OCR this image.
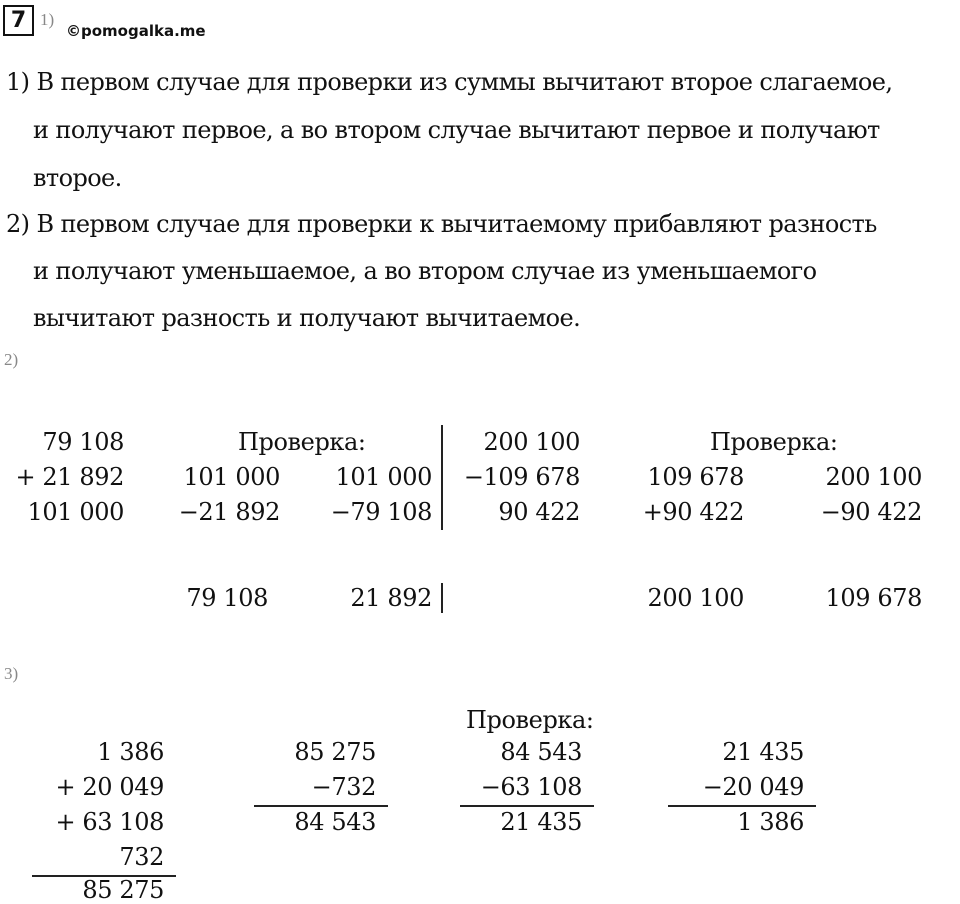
7 1)
©pomogalka.me
1) В первом случае для проверки из суммы вычитают второе слагаемое,
и получают первое, а во втором случае вычитают первое и получают
второе.
2) В первом случае для проверки к вычитаемому прибавляют разность
и получают уменьшаемое, а во втором случае из уменьшаемого
вычитают разность и получают вычитаемое.
2)
Проверка:	Проверка:
79 108
+ 21 892
101 000
101 000
−21 892
79 108
101 000
−79 108
21 892
200 100
−109 678
90 422
109 678
+90 422
200 100
200 100
−90 422
109 678
3)
Проверка:
1 386
+ 20 049
+ 63 108
732
85 275
85 275
−732
84 543
84 543
−63 108
21 435
21 435
−20 049
1 386
